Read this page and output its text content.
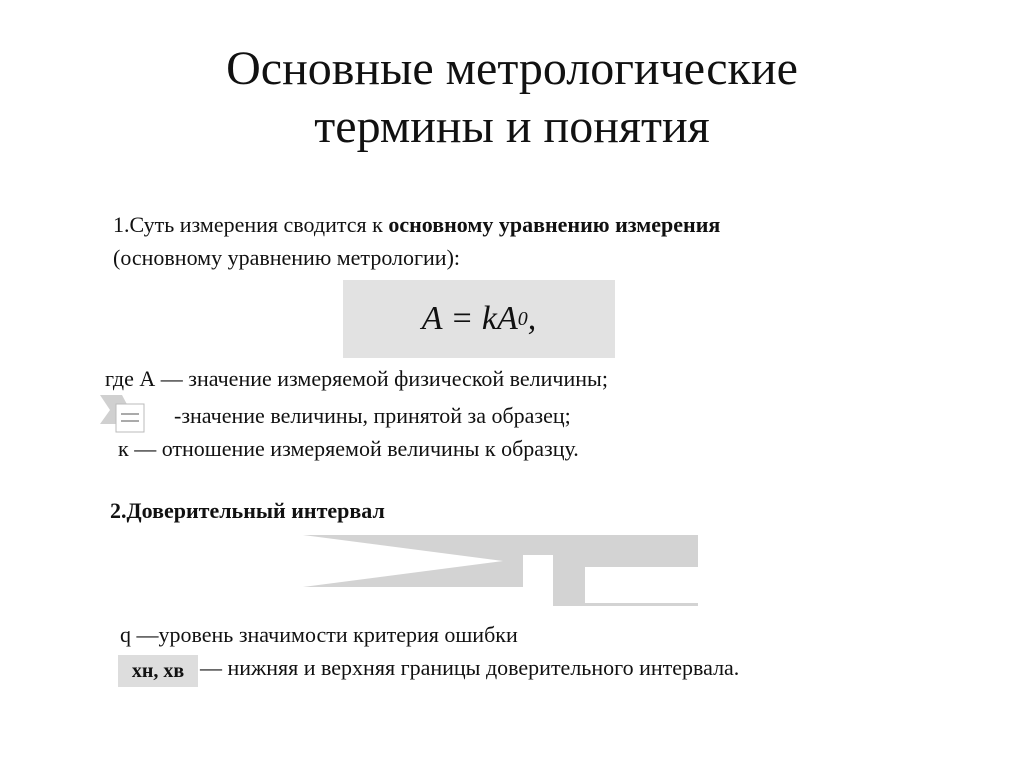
Основные метрологические
термины и понятия
1.Суть измерения сводится к основному уравнению измерения
(основному уравнению метрологии):
A = kA 0 ,
где А — значение измеряемой физической величины;
-значение величины, принятой за образец;
к — отношение измеряемой величины к образцу.
2.Доверительный интервал
q —уровень значимости критерия ошибки
xн, xв — нижняя и верхняя границы доверительного интервала.
